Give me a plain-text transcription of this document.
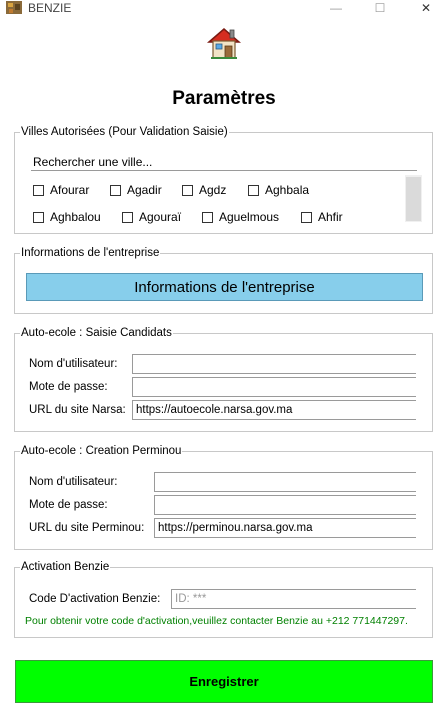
BENZIE	—	☐	✕
Paramètres
Villes Autorisées (Pour Validation Saisie)
Rechercher une ville...
Afourar	Agadir	Agdz	Aghbala
Aghbalou	Agouraï	Aguelmous	Ahfir
Informations de l'entreprise
Informations de l'entreprise
Auto-ecole : Saisie Candidats
Nom d'utilisateur:
Mote de passe:
URL du site Narsa: https://autoecole.narsa.gov.ma
Auto-ecole : Creation Perminou
Nom d'utilisateur:
Mote de passe:
URL du site Perminou:	https://perminou.narsa.gov.ma
Activation Benzie
Code D'activation Benzie:	ID: ***
Pour obtenir votre code d'activation,veuillez contacter Benzie au +212 771447297.
Enregistrer
